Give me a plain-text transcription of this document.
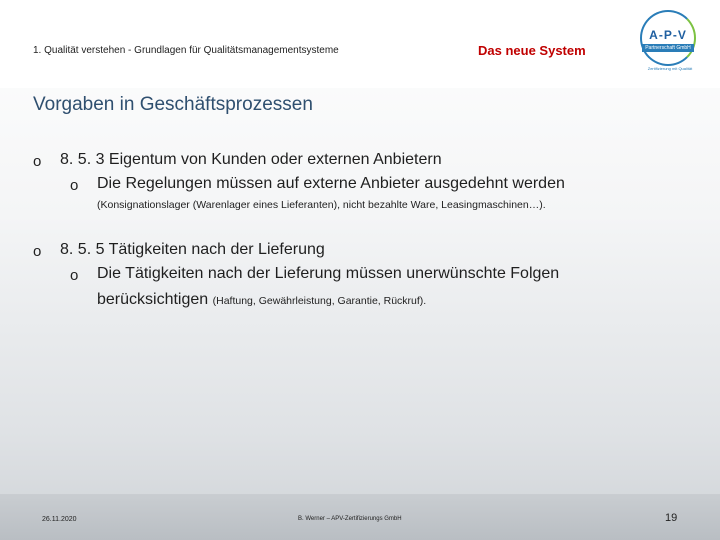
1. Qualität verstehen - Grundlagen für Qualitätsmanagementsysteme	Das neue System
A-P-V
Partnerschaft GmbH
Zertifizierung mit Qualität
Vorgaben in Geschäftsprozessen
o 8. 5. 3 Eigentum von Kunden oder externen Anbietern
o Die Regelungen müssen auf externe Anbieter ausgedehnt werden
(Konsignationslager (Warenlager eines Lieferanten), nicht bezahlte Ware, Leasingmaschinen…).
o 8. 5. 5 Tätigkeiten nach der Lieferung
o Die Tätigkeiten nach der Lieferung müssen unerwünschte Folgen
berücksichtigen (Haftung, Gewährleistung, Garantie, Rückruf).
26.11.2020	B. Werner – APV-Zertifizierungs GmbH	19
